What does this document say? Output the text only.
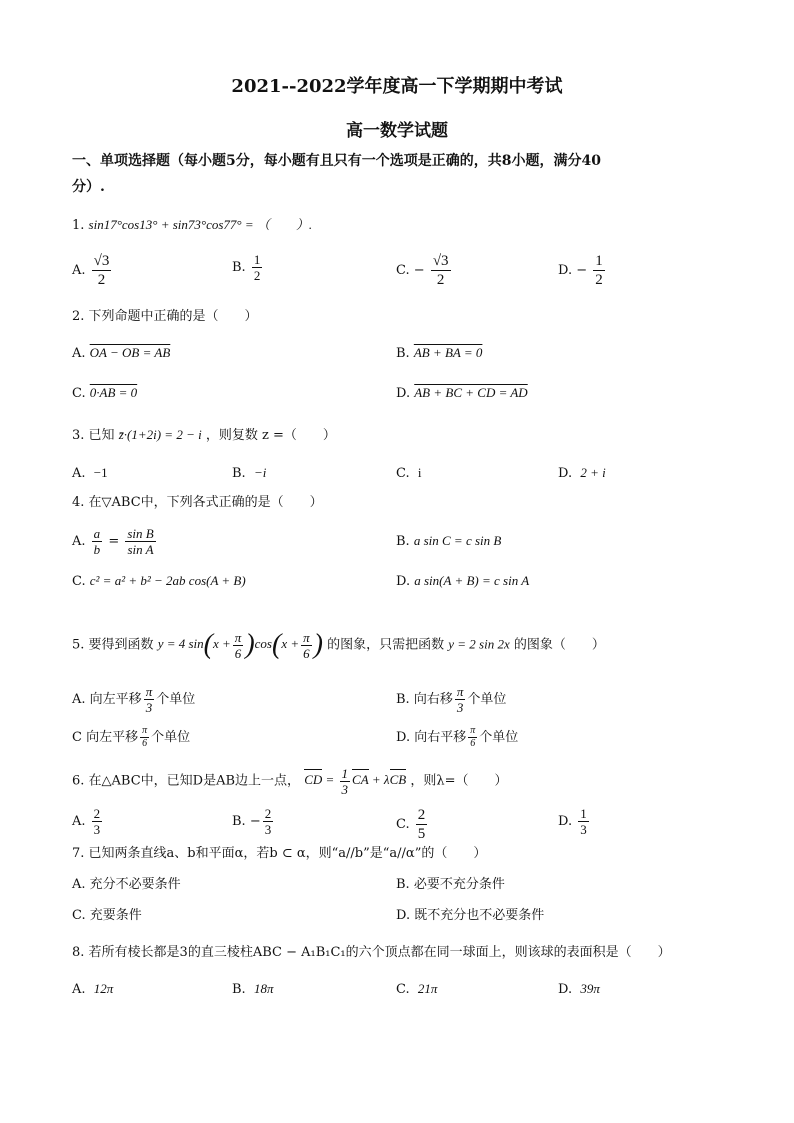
2021--2022学年度高一下学期期中考试
高一数学试题
一、单项选择题（每小题5分，每小题有且只有一个选项是正确的，共8小题，满分40
分）.
1. sin17°cos13° + sin73°cos77° = （　　）.
A. $\frac{√3}{2}$	B. $\frac{1}{2}$	C. − $\frac{√3}{2}$	D. − $\frac{1}{2}$
2. 下列命题中正确的是（　　）
A. OA − OB = AB	B. AB + BA = 0
C. 0·AB = 0	D. AB + BC + CD = AD
3. 已知 z̄·(1+2i) = 2 − i ，则复数 z =（　　）
A. −1	B. −i	C. i	D. 2 + i
4. 在▽ABC中，下列各式正确的是（　　）
A. $\frac{a}{b} = \frac{\text{sin B}}{\text{sin A}}$	B. a sin C = c sin B
C. c² = a² + b² − 2ab cos(A + B)	D. a sin(A + B) = c sin A
5. 要得到函数 y = 4 $\sin(x + \frac{\pi}{6} )\cos(x + \frac{\pi}{6}$ ) 的图象，只需把函数 y = 2 sin 2x 的图象（　　）
A. 向左平移 $\frac{\pi}{3}$ 个单位	B. 向右移 $\frac{\pi}{3}$ 个单位
C 向左平移 $\frac{\pi}{6}$ 个单位	D. 向右平移 $\frac{\pi}{6}$ 个单位
6. 在△ABC中，已知D是AB边上一点， CD = $\frac{1}{3}$ CA + λCB ，则λ=（　　）
A. $\frac{2}{3}$	B. − $\frac{2}{3}$	C. $\frac{2}{5}$	D. $\frac{1}{3}$
7. 已知两条直线a、b和平面α，若b ⊂ α，则“a//b”是“a//α”的（　　）
A. 充分不必要条件	B. 必要不充分条件
C. 充要条件	D. 既不充分也不必要条件
8. 若所有棱长都是3的直三棱柱ABC − A₁B₁C₁的六个顶点都在同一球面上，则该球的表面积是（　　）
A. 12π	B. 18π	C. 21π	D. 39π
